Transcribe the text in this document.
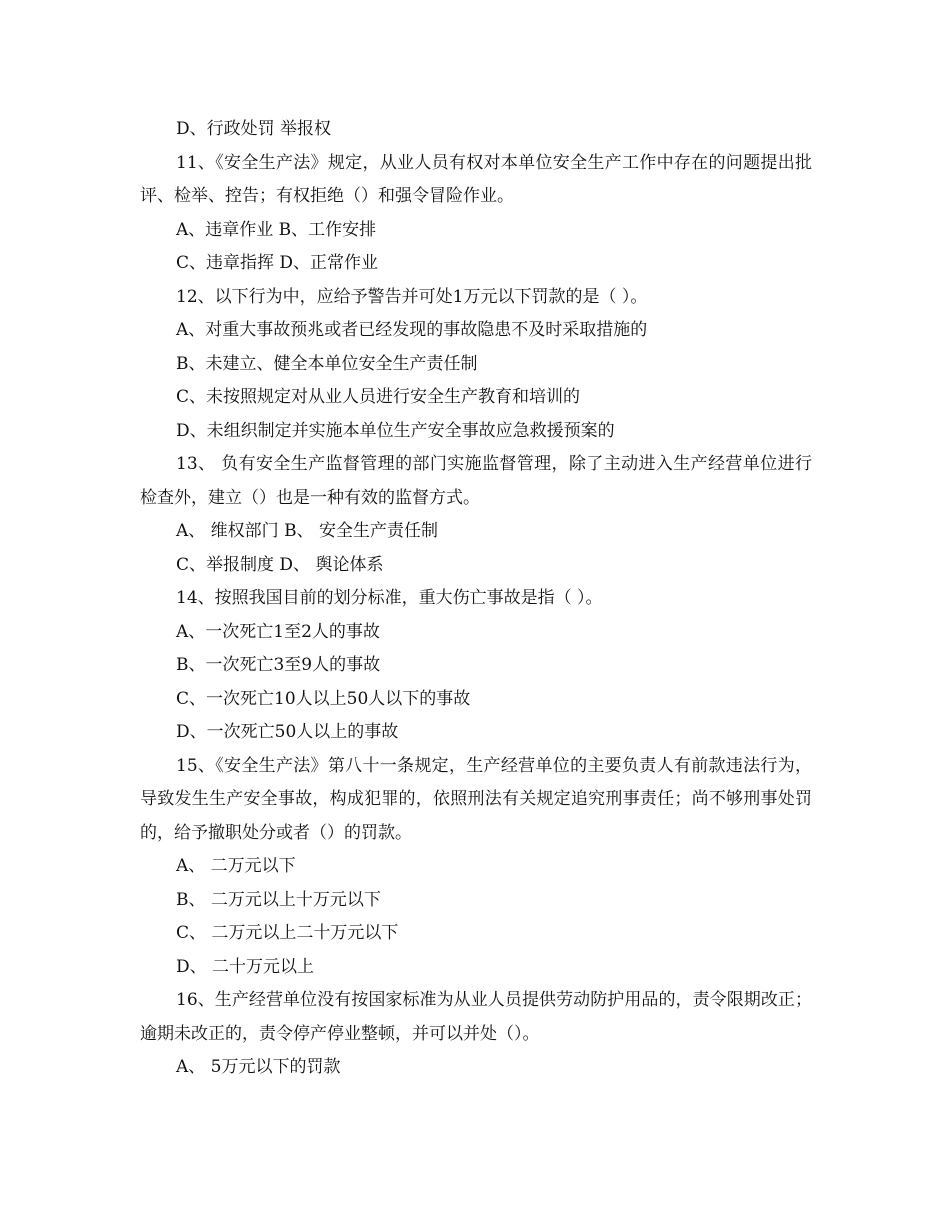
D、行政处罚 举报权

11、《安全生产法》规定，从业人员有权对本单位安全生产工作中存在的问题提出批评、检举、控告；有权拒绝（）和强令冒险作业。

A、违章作业 B、工作安排

C、违章指挥 D、正常作业

12、以下行为中，应给予警告并可处1万元以下罚款的是（ ）。

A、对重大事故预兆或者已经发现的事故隐患不及时采取措施的

B、未建立、健全本单位安全生产责任制

C、未按照规定对从业人员进行安全生产教育和培训的

D、未组织制定并实施本单位生产安全事故应急救援预案的

13、 负有安全生产监督管理的部门实施监督管理，除了主动进入生产经营单位进行检查外，建立（）也是一种有效的监督方式。

A、 维权部门 B、 安全生产责任制

C、举报制度 D、 舆论体系

14、按照我国目前的划分标准，重大伤亡事故是指（ ）。

A、一次死亡1至2人的事故

B、一次死亡3至9人的事故

C、一次死亡10人以上50人以下的事故

D、一次死亡50人以上的事故

15、《安全生产法》第八十一条规定，生产经营单位的主要负责人有前款违法行为，导致发生生产安全事故，构成犯罪的，依照刑法有关规定追究刑事责任；尚不够刑事处罚的，给予撤职处分或者（）的罚款。

A、 二万元以下

B、 二万元以上十万元以下

C、 二万元以上二十万元以下

D、 二十万元以上

16、生产经营单位没有按国家标准为从业人员提供劳动防护用品的，责令限期改正；逾期未改正的，责令停产停业整顿，并可以并处（）。

A、 5万元以下的罚款
